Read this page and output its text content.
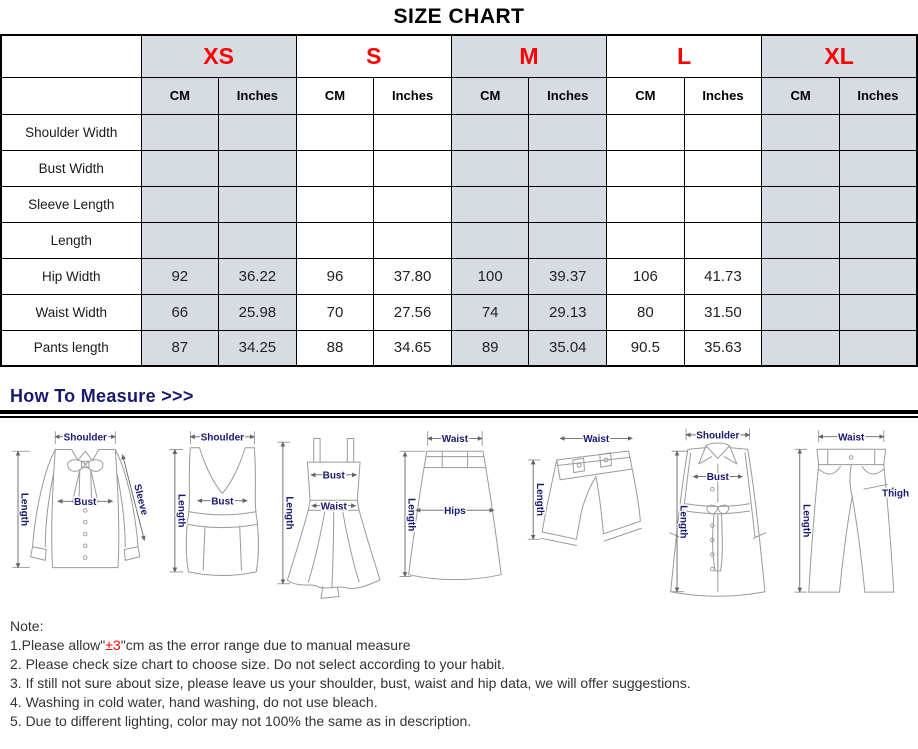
SIZE CHART
	XS		S		M		L		XL	
	CM	Inches	CM	Inches	CM	Inches	CM	Inches	CM	Inches
Shoulder Width										
Bust Width										
Sleeve Length										
Length										
Hip Width	92	36.22	96	37.80	100	39.37	106	41.73		
Waist Width	66	25.98	70	27.56	74	29.13	80	31.50		
Pants length	87	34.25	88	34.65	89	35.04	90.5	35.63		
How To Measure >>>
Shoulder
Length	Bust	Sleeve
Shoulder
Length Bust
Bust
Waist
Length
Waist
Hips
Length
Waist
Length
Shoulder
Bust
Length
Waist
Thigh
Length
Note:
1.Please allow"±3"cm as the error range due to manual measure
2. Please check size chart to choose size. Do not select according to your habit.
3. If still not sure about size, please leave us your shoulder, bust, waist and hip data, we will offer suggestions.
4. Washing in cold water, hand washing, do not use bleach.
5. Due to different lighting, color may not 100% the same as in description.
